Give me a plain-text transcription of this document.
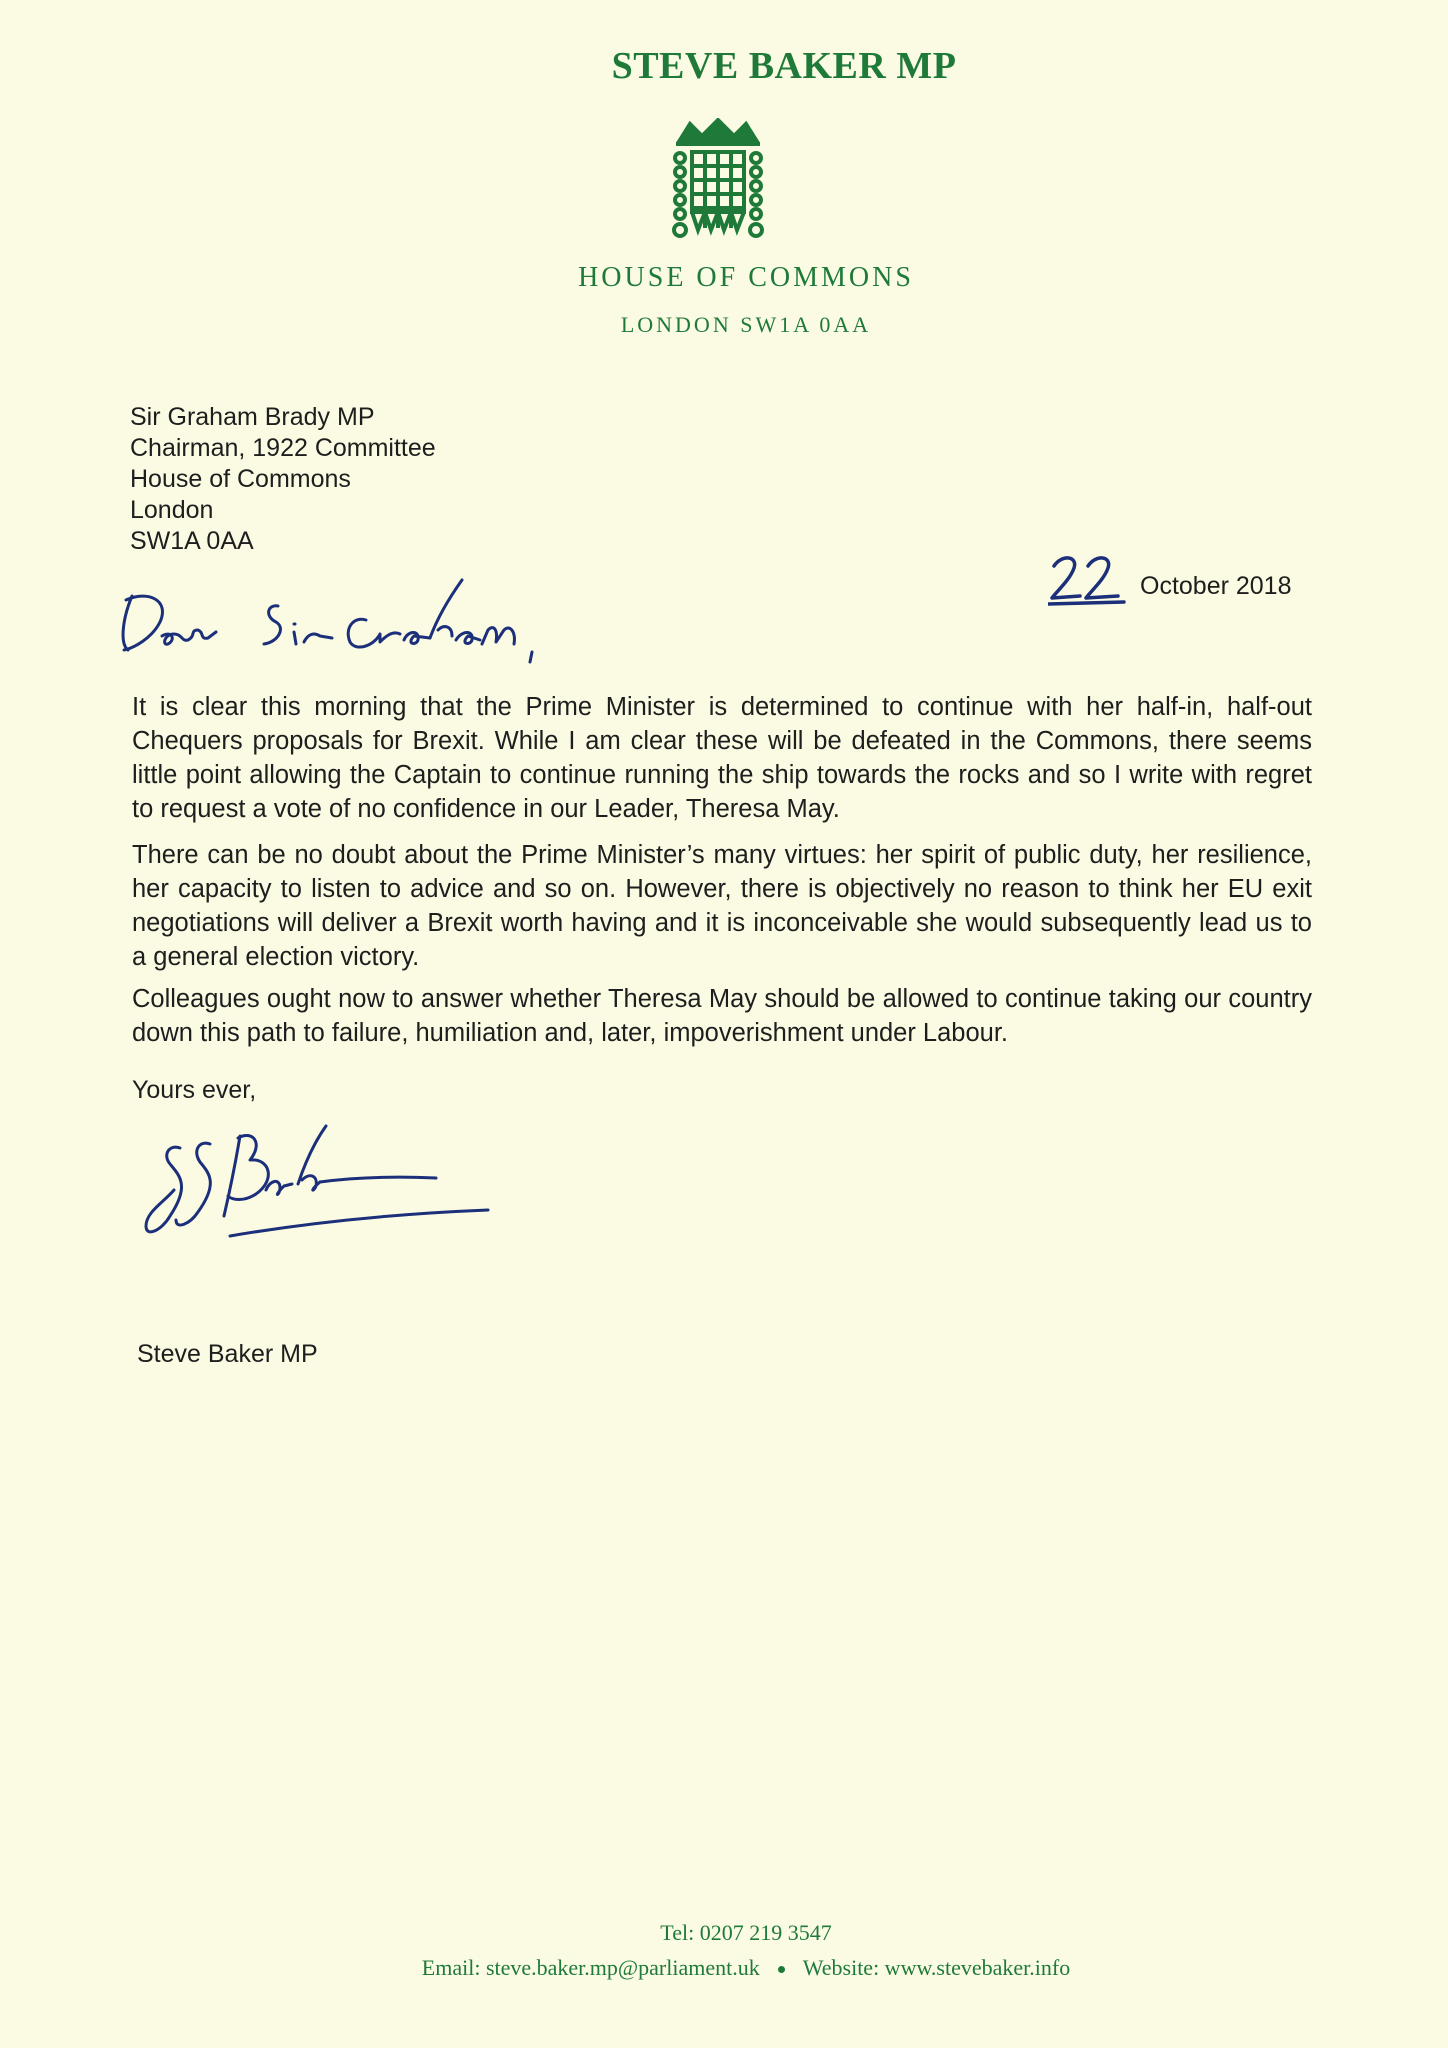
STEVE BAKER MP
HOUSE OF COMMONS
LONDON SW1A 0AA
Sir Graham Brady MP
Chairman, 1922 Committee
House of Commons
London
SW1A 0AA
October 2018
It is clear this morning that the Prime Minister is determined to continue with her half-in, half-out Chequers proposals for Brexit. While I am clear these will be defeated in the Commons, there seems little point allowing the Captain to continue running the ship towards the rocks and so I write with regret to request a vote of no confidence in our Leader, Theresa May.
There can be no doubt about the Prime Minister’s many virtues: her spirit of public duty, her resilience, her capacity to listen to advice and so on. However, there is objectively no reason to think her EU exit negotiations will deliver a Brexit worth having and it is inconceivable she would subsequently lead us to a general election victory.
Colleagues ought now to answer whether Theresa May should be allowed to continue taking our country down this path to failure, humiliation and, later, impoverishment under Labour.
Yours ever,
Steve Baker MP
Tel: 0207 219 3547
Email: steve.baker.mp@parliament.uk Website: www.stevebaker.info
